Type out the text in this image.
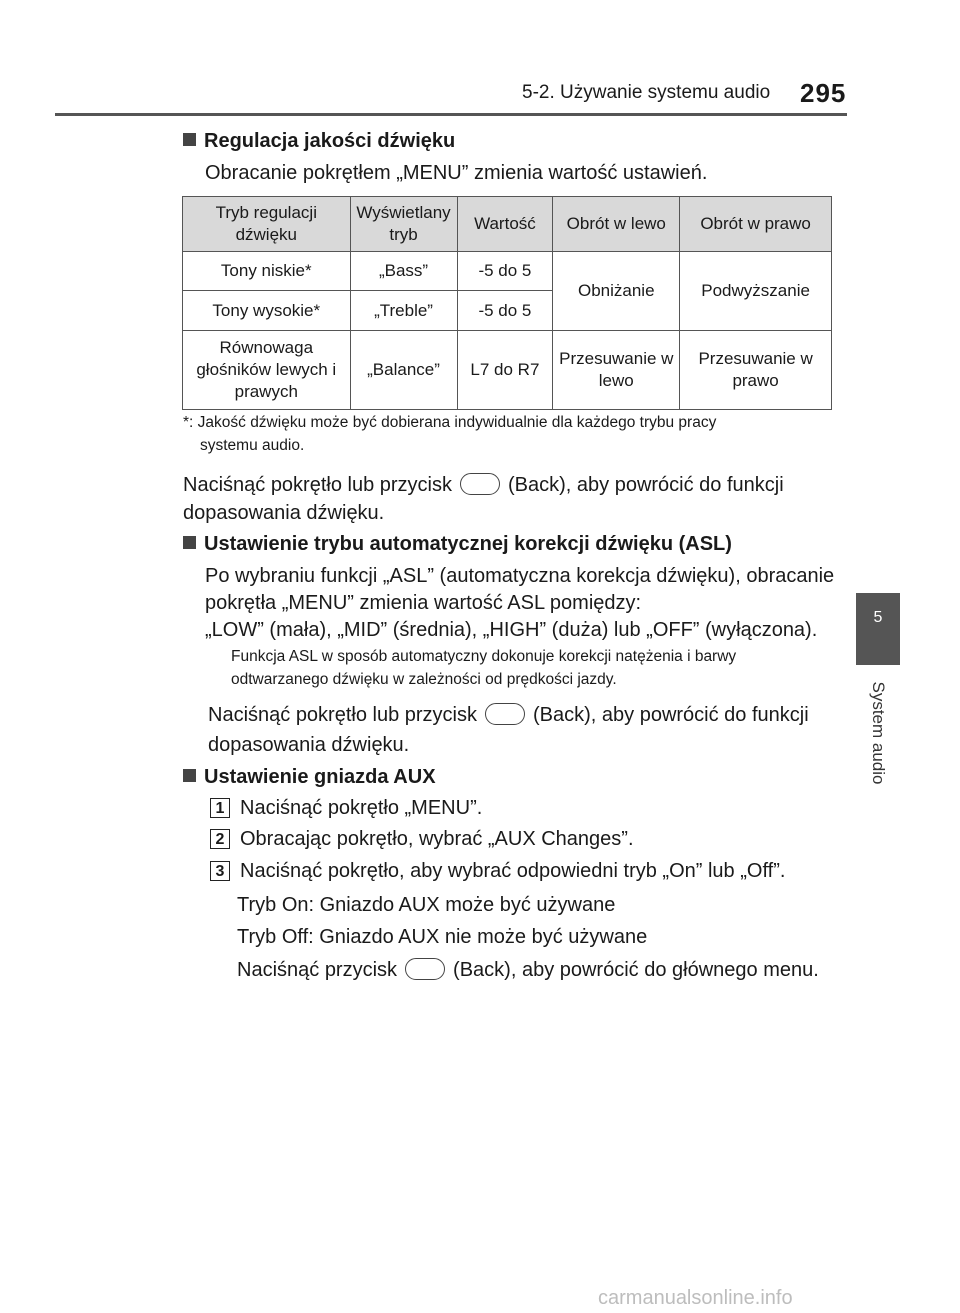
5-2. Używanie systemu audio 295
5
System audio
Regulacja jakości dźwięku
Obracanie pokrętłem „MENU” zmienia wartość ustawień.
Tryb regulacji dźwięku	Wyświetlany tryb	Wartość	Obrót w lewo	Obrót w prawo
Tony niskie*	„Bass”	-5 do 5	Obniżanie	Podwyższanie
Tony wysokie*	„Treble”	-5 do 5		
Równowaga głośników lewych i prawych	„Balance”	L7 do R7	Przesuwanie w lewo	Przesuwanie w prawo
*: Jakość dźwięku może być dobierana indywidualnie dla każdego trybu pracy
systemu audio.
Naciśnąć pokrętło lub przycisk	(Back), aby powrócić do funkcji
dopasowania dźwięku.
Ustawienie trybu automatycznej korekcji dźwięku (ASL)
Po wybraniu funkcji „ASL” (automatyczna korekcja dźwięku), obracanie
pokrętła „MENU” zmienia wartość ASL pomiędzy:
„LOW” (mała), „MID” (średnia), „HIGH” (duża) lub „OFF” (wyłączona).
Funkcja ASL w sposób automatyczny dokonuje korekcji natężenia i barwy
odtwarzanego dźwięku w zależności od prędkości jazdy.
Naciśnąć pokrętło lub przycisk	(Back), aby powrócić do funkcji
dopasowania dźwięku.
Ustawienie gniazda AUX
1 Naciśnąć pokrętło „MENU”.
2 Obracając pokrętło, wybrać „AUX Changes”.
3 Naciśnąć pokrętło, aby wybrać odpowiedni tryb „On” lub „Off”.
Tryb On: Gniazdo AUX może być używane
Tryb Off: Gniazdo AUX nie może być używane
Naciśnąć przycisk	(Back), aby powrócić do głównego menu.
carmanualsonline.info
